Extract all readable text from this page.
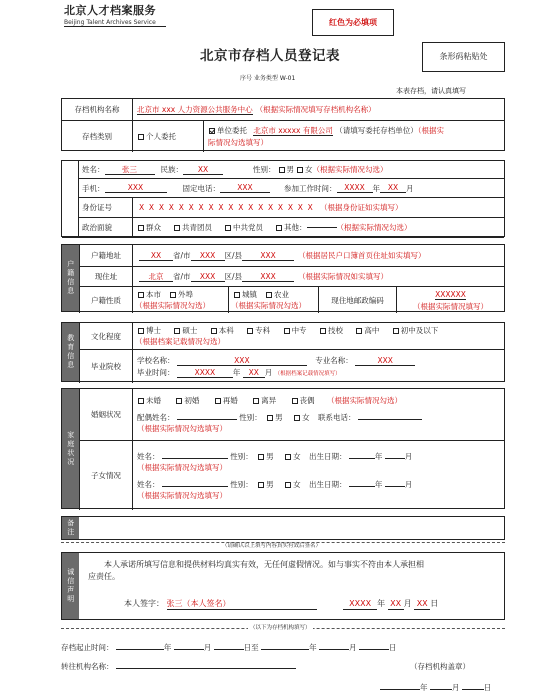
北京人才档案服务
Beijing Talent Archives Service	红色为必填项
条形码粘贴处
北京市存档人员登记表
序号 业务类型 W-01
本表存档，请认真填写
存档机构名称	北京市 xxx 人力资源公共服务中心 （根据实际情况填写存档机构名称）
存档类别	个人委托
单位委托 北京市 xxxxx 有限公司 （请填写委托存档单位）（根据实
际情况勾选填写）
姓名：	张三	民族：	XX	性别： 男 女 （根据实际情况勾选）
手机：	XXX	固定电话：	XXX	参加工作时间：	XXXX	年	XX	月
身份证号	X X X X X X X X X X X X X X X X X X （根据身份证如实填写）
政治面貌	群众	共青团员	中共党员	其他：	（根据实际情况勾选）
户籍信息
户籍地址	XX	省/市	XXX	区/县	XXX	（根据居民户口簿首页住址如实填写）
现住址	北京	省/市	XXX	区/县	XXX	（根据实际情况如实填写）
户籍性质
本市 外埠
（根据实际情况勾选）
城镇 农业
（根据实际情况勾选）
现住地邮政编码
XXXXXX
（根据实际情况填写）
教育信息	文化程度
博士	硕士	本科	专科	中专	技校	高中	初中及以下
（根据档案记载情况勾选）
毕业院校
学校名称：	XXX	专业名称：	XXX
毕业时间：	XXXX 年 XX 月 （根据档案记载情况填写）
家庭状况
婚姻状况
未婚	初婚	再婚	离异	丧偶 （根据实际情况勾选）
配偶姓名：	性别： 男	女 联系电话：
（根据实际情况勾选填写）
子女情况
姓名：	性别： 男	女 出生日期：	年	月
（根据实际情况勾选填写）
姓名：	性别： 男	女 出生日期：	年	月
（根据实际情况勾选填写）
备注
（请确认以上填写内容真实有效后签名）
诚信声明
本人承诺所填写信息和提供材料均真实有效，无任何虚假情况。如与事实不符由本人承担相
应责任。
本人签字： 张三（本人签名）	XXXX 年 XX 月 XX 日
（以下为存档机构填写）
存档起止时间：	年	月	日至	年	月	日
转往机构名称：	（存档机构盖章）
年	月	日
